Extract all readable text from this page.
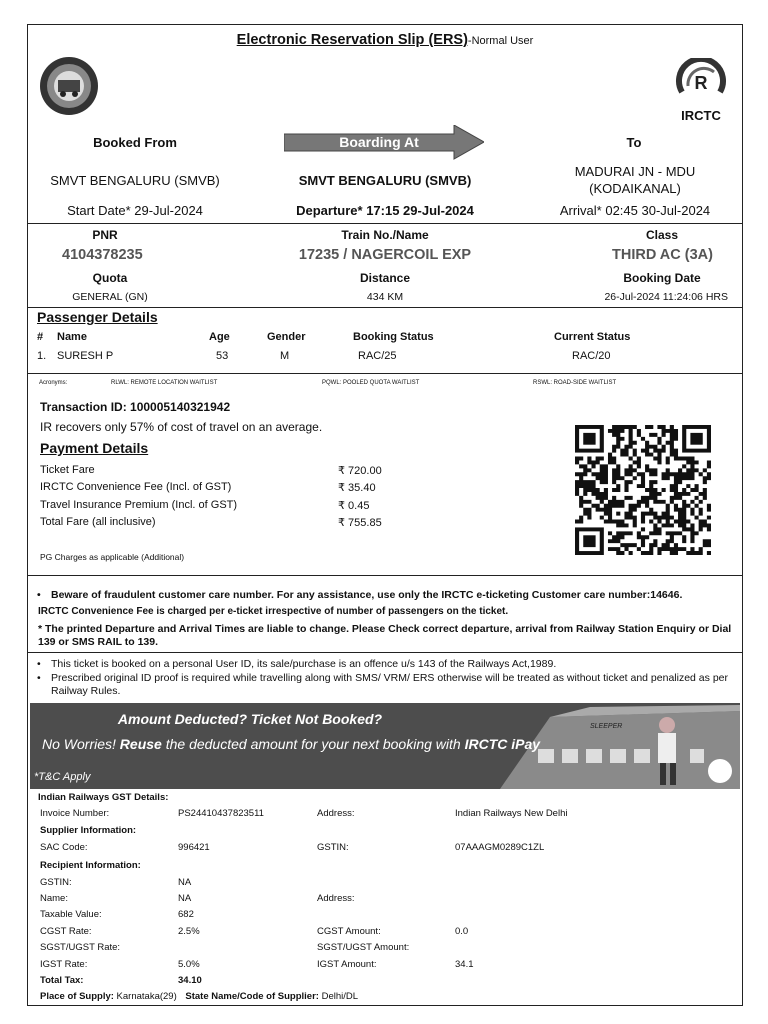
Electronic Reservation Slip (ERS)-Normal User
R
IRCTC
Booked From	Boarding At	To
SMVT BENGALURU (SMVB)	SMVT BENGALURU (SMVB)
MADURAI JN - MDU
(KODAIKANAL)
Start Date* 29-Jul-2024	Departure* 17:15 29-Jul-2024	Arrival* 02:45 30-Jul-2024
PNR	Train No./Name	Class
4104378235	17235 / NAGERCOIL EXP	THIRD AC (3A)
Quota	Distance	Booking Date
GENERAL (GN)	434 KM	26-Jul-2024 11:24:06 HRS
Passenger Details
# Name	Age	Gender	Booking Status	Current Status
1. SURESH P	53	M	RAC/25	RAC/20
Acronyms:	RLWL: REMOTE LOCATION WAITLIST	PQWL: POOLED QUOTA WAITLIST	RSWL: ROAD-SIDE WAITLIST
Transaction ID: 100005140321942
IR recovers only 57% of cost of travel on an average.
Payment Details
Ticket Fare	₹ 720.00
IRCTC Convenience Fee (Incl. of GST)	₹ 35.40
Travel Insurance Premium (Incl. of GST)	₹ 0.45
Total Fare (all inclusive)	₹ 755.85
PG Charges as applicable (Additional)
• Beware of fraudulent customer care number. For any assistance, use only the IRCTC e-ticketing Customer care number:14646.
IRCTC Convenience Fee is charged per e-ticket irrespective of number of passengers on the ticket.
* The printed Departure and Arrival Times are liable to change. Please Check correct departure, arrival from Railway Station Enquiry or Dial 139 or SMS RAIL to 139.
• This ticket is booked on a personal User ID, its sale/purchase is an offence u/s 143 of the Railways Act,1989.
• Prescribed original ID proof is required while travelling along with SMS/ VRM/ ERS otherwise will be treated as without ticket and penalized as per Railway Rules.
Amount Deducted? Ticket Not Booked?
No Worries! Reuse the deducted amount for your next booking with IRCTC iPay
*T&C Apply
SLEEPER
Indian Railways GST Details:
Invoice Number:	PS24410437823511	Address:	Indian Railways New Delhi
Supplier Information:
SAC Code:	996421	GSTIN:	07AAAGM0289C1ZL
Recipient Information:
GSTIN:	NA
Name:	NA	Address:
Taxable Value:	682
CGST Rate:	2.5%	CGST Amount:	0.0
SGST/UGST Rate:	SGST/UGST Amount:
IGST Rate:	5.0%	IGST Amount:	34.1
Total Tax:	34.10
Place of Supply: Karnataka(29) State Name/Code of Supplier: Delhi/DL
